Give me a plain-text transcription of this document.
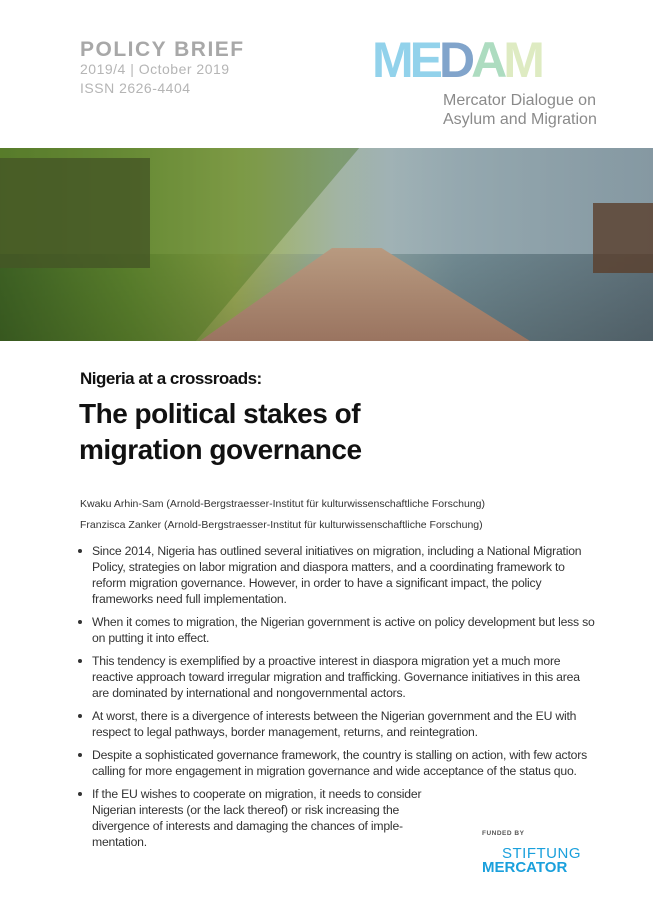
POLICY BRIEF
2019/4 | October 2019
ISSN 2626-4404	M E D A M
Mercator Dialogue on
Asylum and Migration
Nigeria at a crossroads:
The political stakes of
migration governance
Kwaku Arhin-Sam (Arnold-Bergstraesser-Institut für kulturwissenschaftliche Forschung)
Franzisca Zanker (Arnold-Bergstraesser-Institut für kulturwissenschaftliche Forschung)
Since 2014, Nigeria has outlined several initiatives on migration, including a National Migration Policy, strategies on labor migration and diaspora matters, and a coordinating framework to reform migration governance. However, in order to have a significant impact, the policy frameworks need full implementation.
When it comes to migration, the Nigerian government is active on policy development but less so on putting it into effect.
This tendency is exemplified by a proactive interest in diaspora migration yet a much more reactive approach toward irregular migration and trafficking. Governance initiatives in this area are dominated by international and nongovernmental actors.
At worst, there is a divergence of interests between the Nigerian government and the EU with respect to legal pathways, border management, returns, and reintegration.
Despite a sophisticated governance framework, the country is stalling on action, with few actors calling for more engagement in migration governance and wide acceptance of the status quo.
If the EU wishes to cooperate on migration, it needs to consider Nigerian interests (or the lack thereof) or risk increasing the divergence of interests and damaging the chances of imple-mentation.
FUNDED BY
STIFTUNG
MERCATOR
